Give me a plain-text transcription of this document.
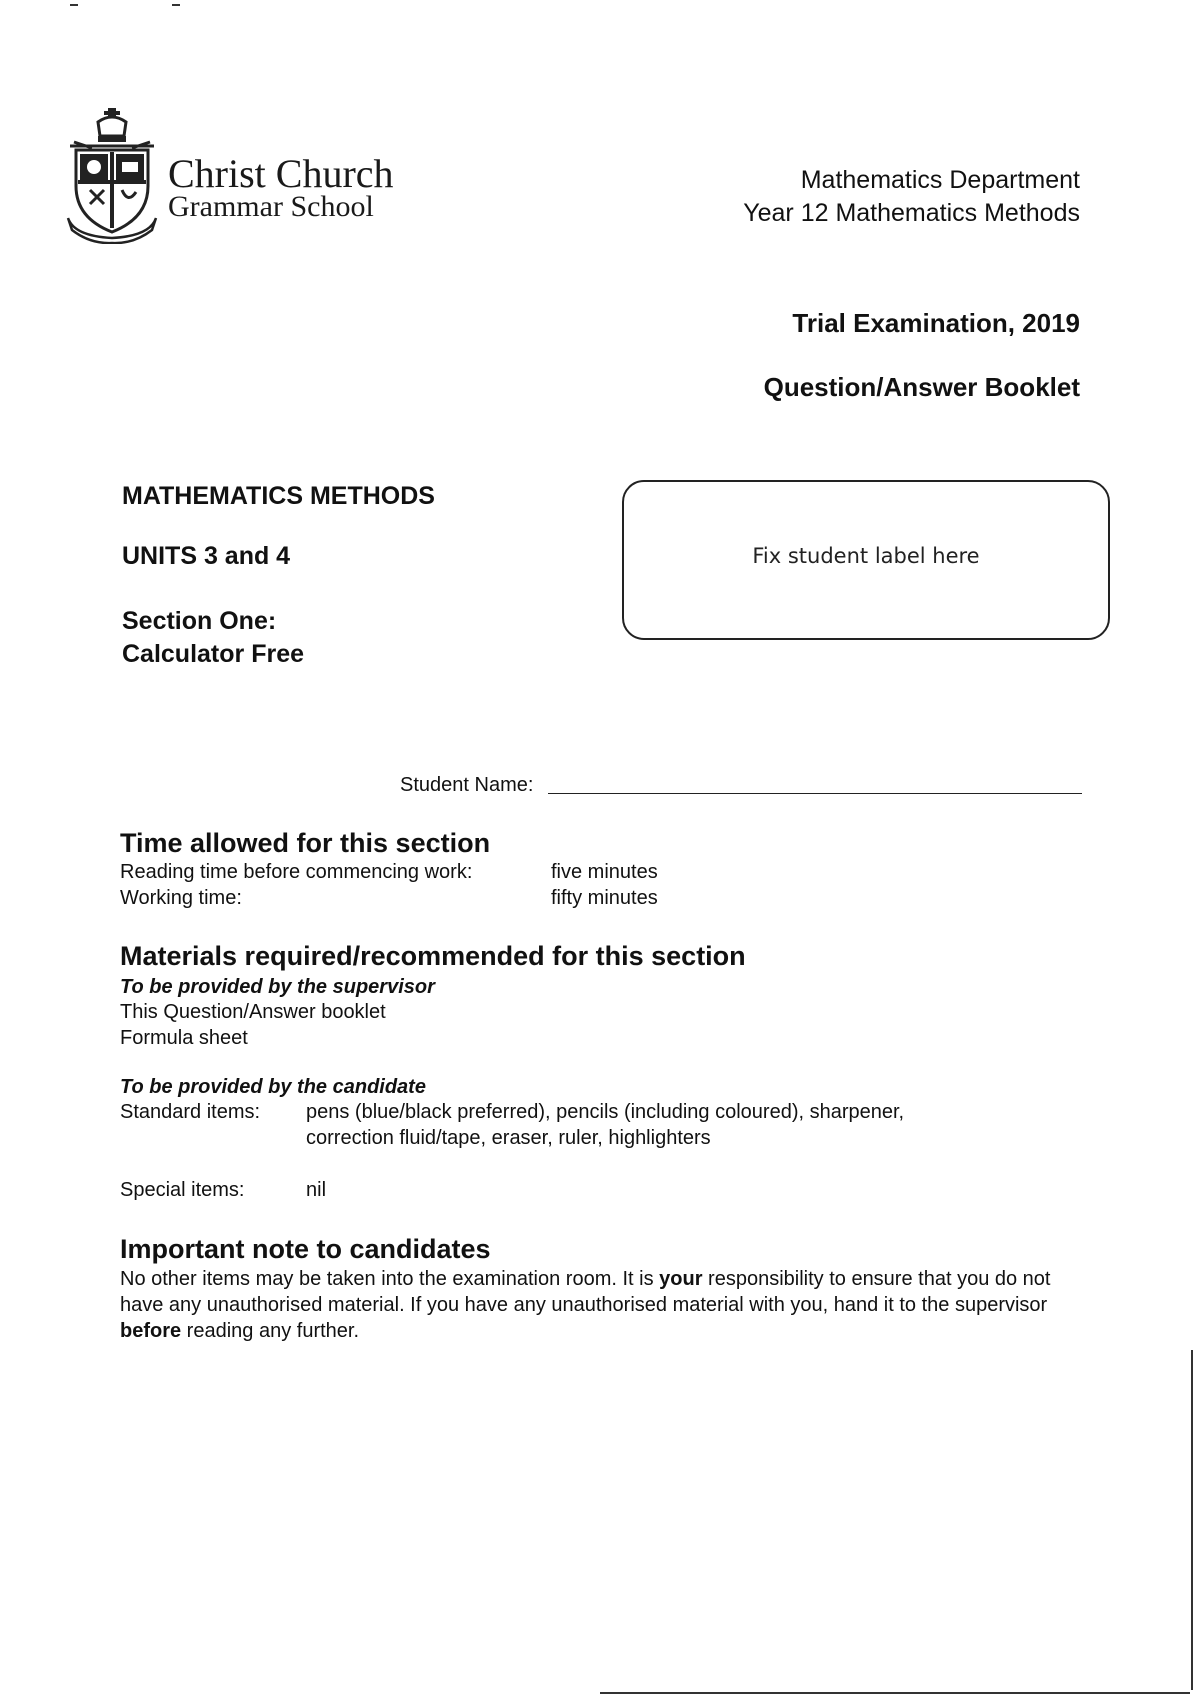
Christ Church
Grammar School
Mathematics Department
Year 12 Mathematics Methods
Trial Examination, 2019
Question/Answer Booklet
MATHEMATICS METHODS
UNITS 3 and 4
Section One:
Calculator Free
Fix student label here
Student Name:
Time allowed for this section
Reading time before commencing work:	five minutes
Working time:	fifty minutes
Materials required/recommended for this section
To be provided by the supervisor
This Question/Answer booklet
Formula sheet
To be provided by the candidate
Standard items: pens (blue/black preferred), pencils (including coloured), sharpener,
correction fluid/tape, eraser, ruler, highlighters
Special items:	nil
Important note to candidates
No other items may be taken into the examination room. It is your responsibility to ensure that you do not have any unauthorised material. If you have any unauthorised material with you, hand it to the supervisor before reading any further.
